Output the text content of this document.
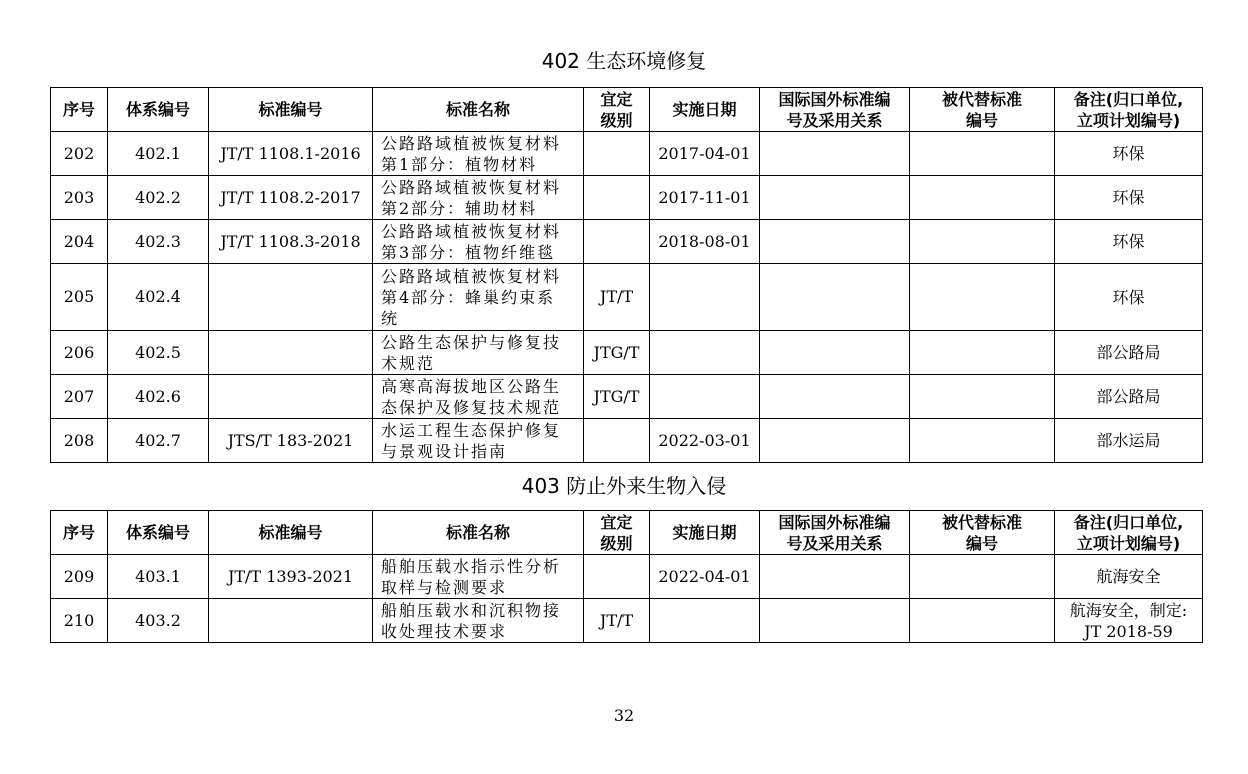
402 生态环境修复
序号	体系编号	标准编号	标准名称	宜定
级别	实施日期	国际国外标准编
号及采用关系	被代替标准
编号	备注(归口单位,
立项计划编号)
202	402.1	JT/T 1108.1-2016	公路路域植被恢复材料
第1部分：植物材料		2017-04-01			环保
203	402.2	JT/T 1108.2-2017	公路路域植被恢复材料
第2部分：辅助材料		2017-11-01			环保
204	402.3	JT/T 1108.3-2018	公路路域植被恢复材料
第3部分：植物纤维毯		2018-08-01			环保
205	402.4		公路路域植被恢复材料
第4部分：蜂巢约束系
统	JT/T				环保
206	402.5		公路生态保护与修复技
术规范	JTG/T				部公路局
207	402.6		高寒高海拔地区公路生
态保护及修复技术规范	JTG/T				部公路局
208	402.7	JTS/T 183-2021	水运工程生态保护修复
与景观设计指南		2022-03-01			部水运局
403 防止外来生物入侵
序号	体系编号	标准编号	标准名称	宜定
级别	实施日期	国际国外标准编
号及采用关系	被代替标准
编号	备注(归口单位,
立项计划编号)
209	403.1	JT/T 1393-2021	船舶压载水指示性分析
取样与检测要求		2022-04-01			航海安全
210	403.2		船舶压载水和沉积物接
收处理技术要求	JT/T				航海安全，制定:
JT 2018-59
32
